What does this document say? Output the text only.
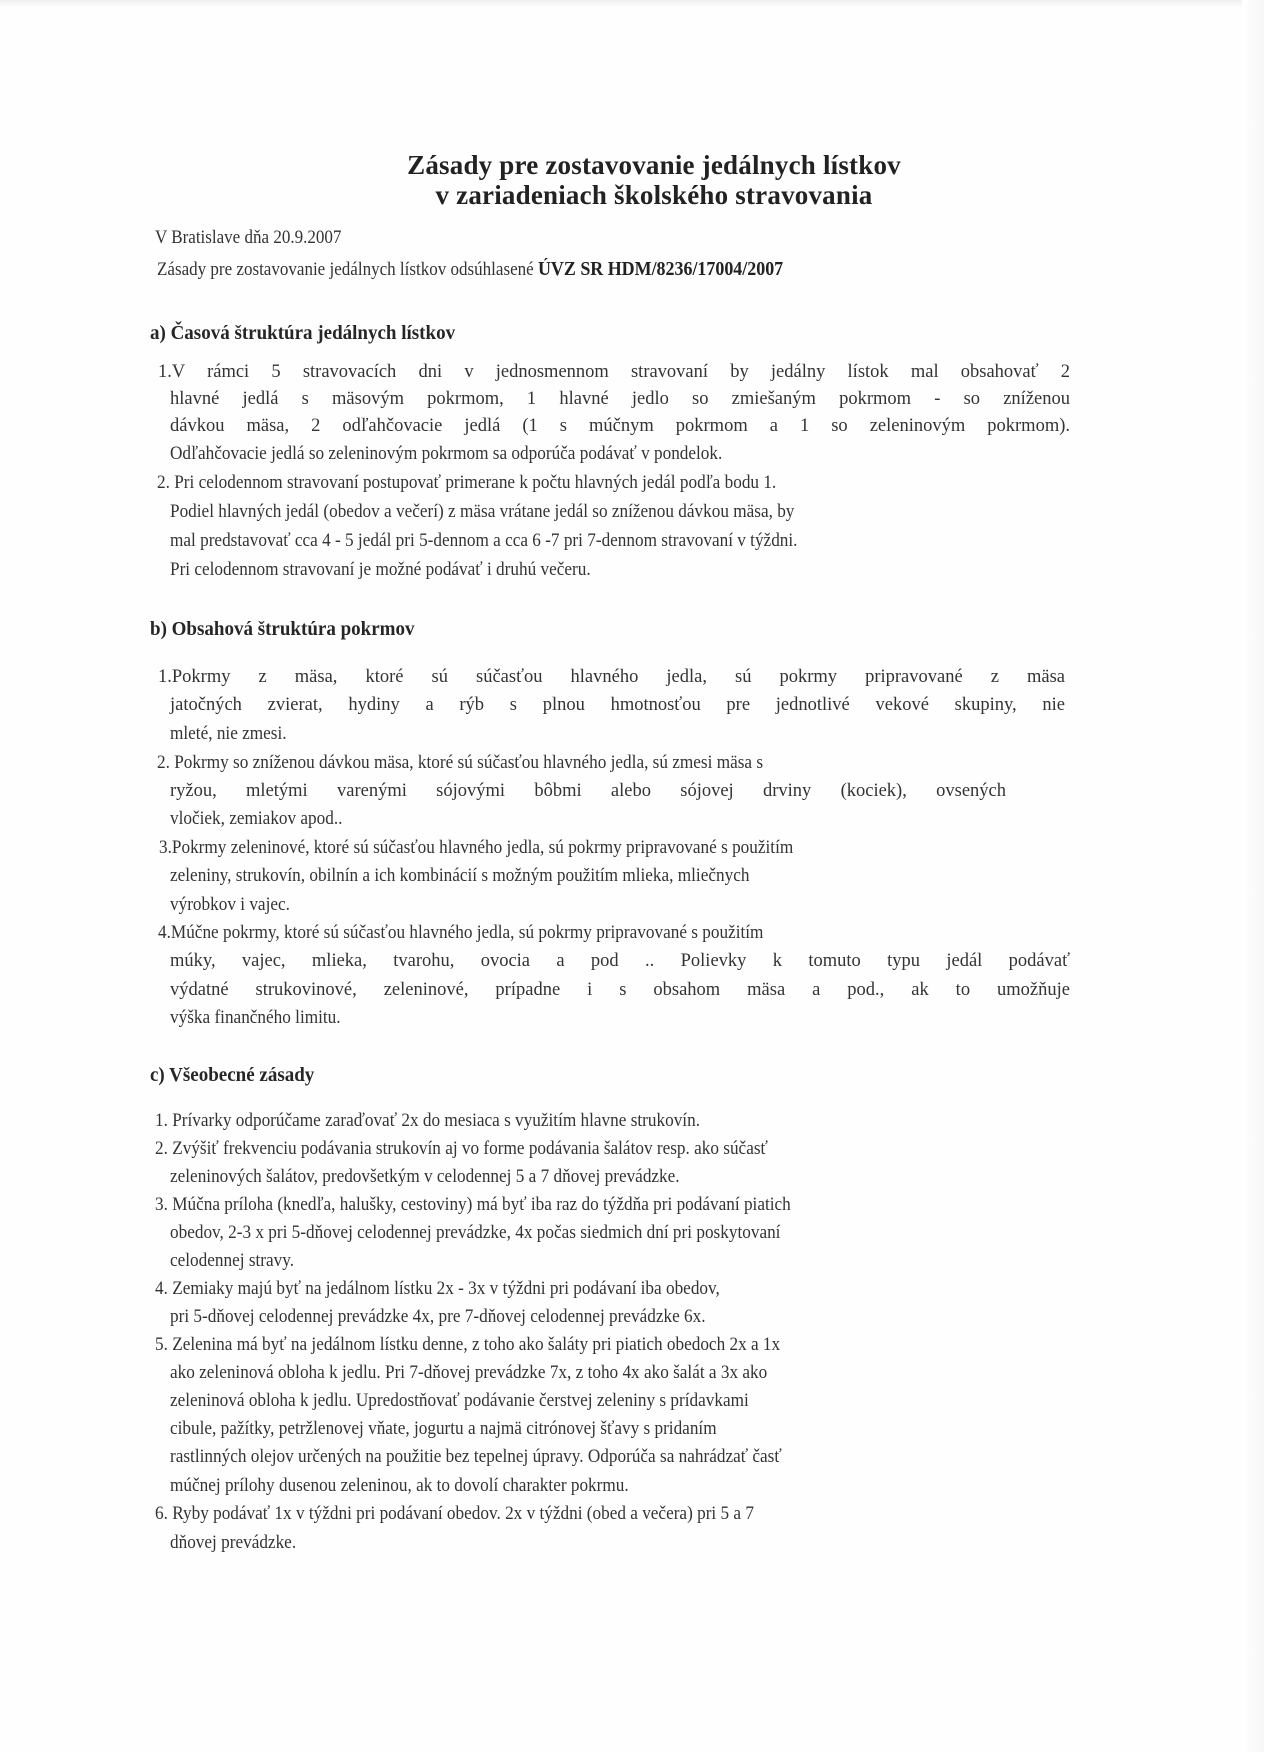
Zásady pre zostavovanie jedálnych lístkov
v zariadeniach školského stravovania
V Bratislave dňa 20.9.2007
Zásady pre zostavovanie jedálnych lístkov odsúhlasené ÚVZ SR HDM/8236/17004/2007
a) Časová štruktúra jedálnych lístkov
1.V rámci 5 stravovacích dni v jednosmennom stravovaní by jedálny lístok mal obsahovať 2
hlavné jedlá s mäsovým pokrmom, 1 hlavné jedlo so zmiešaným pokrmom - so zníženou
dávkou mäsa, 2 odľahčovacie jedlá (1 s múčnym pokrmom a 1 so zeleninovým pokrmom).
Odľahčovacie jedlá so zeleninovým pokrmom sa odporúča podávať v pondelok.
2. Pri celodennom stravovaní postupovať primerane k počtu hlavných jedál podľa bodu 1.
Podiel hlavných jedál (obedov a večerí) z mäsa vrátane jedál so zníženou dávkou mäsa, by
mal predstavovať cca 4 - 5 jedál pri 5-dennom a cca 6 -7 pri 7-dennom stravovaní v týždni.
Pri celodennom stravovaní je možné podávať i druhú večeru.
b) Obsahová štruktúra pokrmov
1.Pokrmy z mäsa, ktoré sú súčasťou hlavného jedla, sú pokrmy pripravované z mäsa
jatočných zvierat, hydiny a rýb s plnou hmotnosťou pre jednotlivé vekové skupiny, nie
mleté, nie zmesi.
2. Pokrmy so zníženou dávkou mäsa, ktoré sú súčasťou hlavného jedla, sú zmesi mäsa s
ryžou, mletými varenými sójovými bôbmi alebo sójovej drviny (kociek), ovsených
vločiek, zemiakov apod..
3.Pokrmy zeleninové, ktoré sú súčasťou hlavného jedla, sú pokrmy pripravované s použitím
zeleniny, strukovín, obilnín a ich kombinácií s možným použitím mlieka, mliečnych
výrobkov i vajec.
4.Múčne pokrmy, ktoré sú súčasťou hlavného jedla, sú pokrmy pripravované s použitím
múky, vajec, mlieka, tvarohu, ovocia a pod .. Polievky k tomuto typu jedál podávať
výdatné strukovinové, zeleninové, prípadne i s obsahom mäsa a pod., ak to umožňuje
výška finančného limitu.
c) Všeobecné zásady
1. Prívarky odporúčame zaraďovať 2x do mesiaca s využitím hlavne strukovín.
2. Zvýšiť frekvenciu podávania strukovín aj vo forme podávania šalátov resp. ako súčasť
zeleninových šalátov, predovšetkým v celodennej 5 a 7 dňovej prevádzke.
3. Múčna príloha (knedľa, halušky, cestoviny) má byť iba raz do týždňa pri podávaní piatich
obedov, 2-3 x pri 5-dňovej celodennej prevádzke, 4x počas siedmich dní pri poskytovaní
celodennej stravy.
4. Zemiaky majú byť na jedálnom lístku 2x - 3x v týždni pri podávaní iba obedov,
pri 5-dňovej celodennej prevádzke 4x, pre 7-dňovej celodennej prevádzke 6x.
5. Zelenina má byť na jedálnom lístku denne, z toho ako šaláty pri piatich obedoch 2x a 1x
ako zeleninová obloha k jedlu. Pri 7-dňovej prevádzke 7x, z toho 4x ako šalát a 3x ako
zeleninová obloha k jedlu. Upredostňovať podávanie čerstvej zeleniny s prídavkami
cibule, pažítky, petržlenovej vňate, jogurtu a najmä citrónovej šťavy s pridaním
rastlinných olejov určených na použitie bez tepelnej úpravy. Odporúča sa nahrádzať časť
múčnej prílohy dusenou zeleninou, ak to dovolí charakter pokrmu.
6. Ryby podávať 1x v týždni pri podávaní obedov. 2x v týždni (obed a večera) pri 5 a 7
dňovej prevádzke.
